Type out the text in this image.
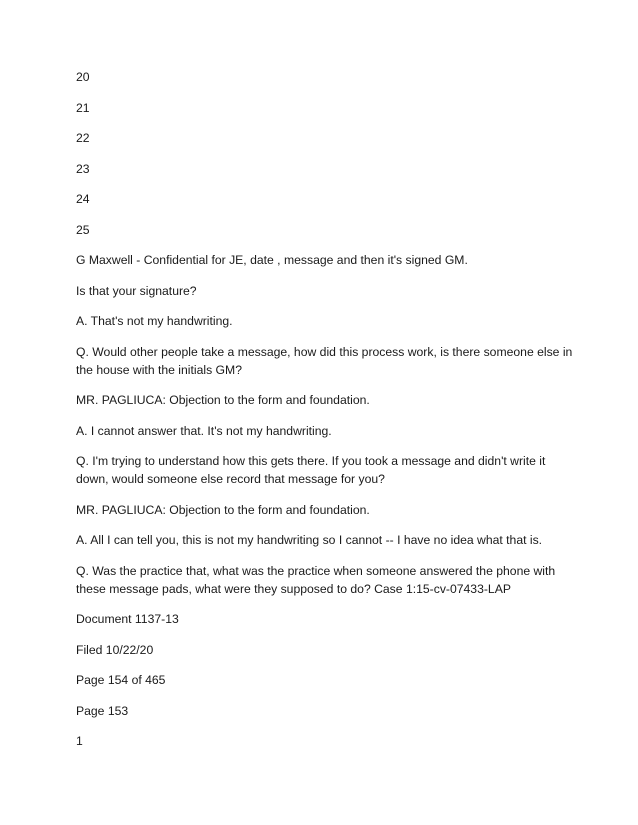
20

21

22

23

24

25

G Maxwell - Confidential for JE, date , message and then it's signed GM.

Is that your signature?

A. That's not my handwriting.

Q. Would other people take a message, how did this process work, is there someone else in the house with the initials GM?

MR. PAGLIUCA: Objection to the form and foundation.

A. I cannot answer that. It's not my handwriting.

Q. I'm trying to understand how this gets there. If you took a message and didn't write it down, would someone else record that message for you?

MR. PAGLIUCA: Objection to the form and foundation.

A. All I can tell you, this is not my handwriting so I cannot -- I have no idea what that is.

Q. Was the practice that, what was the practice when someone answered the phone with these message pads, what were they supposed to do? Case 1:15-cv-07433-LAP

Document 1137-13

Filed 10/22/20

Page 154 of 465

Page 153

1
